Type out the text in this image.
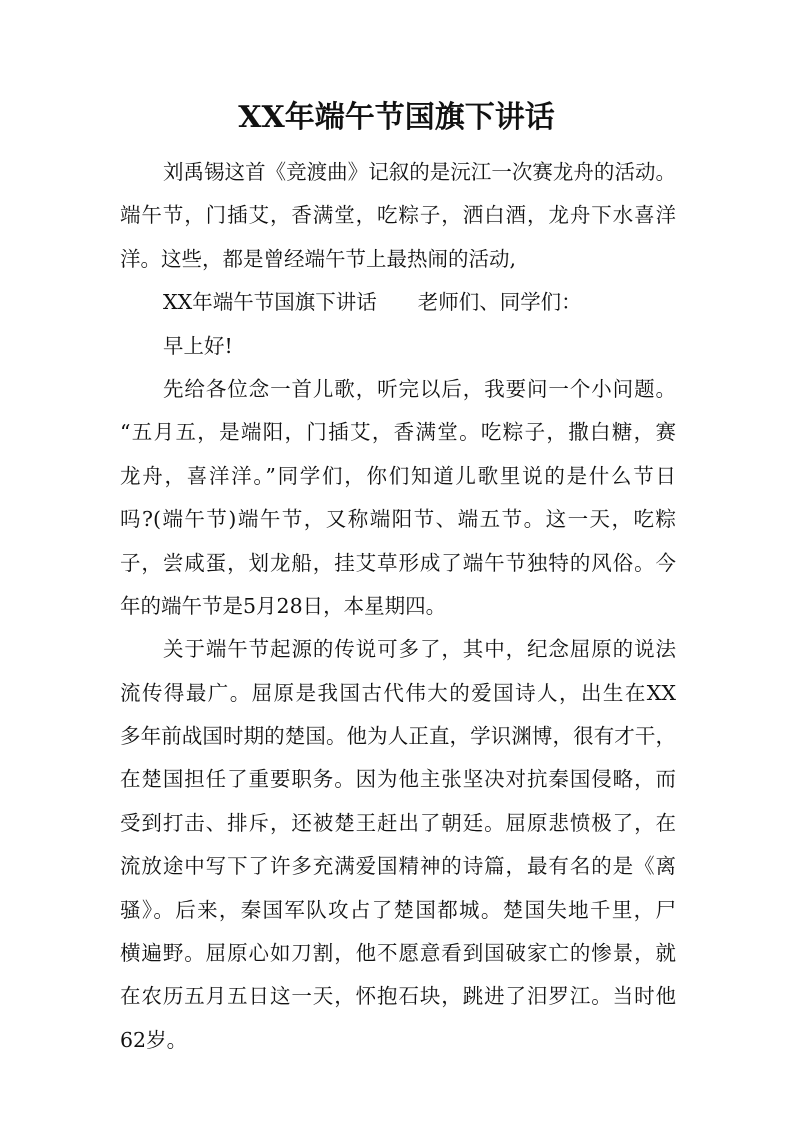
XX年端午节国旗下讲话
刘禹锡这首《竞渡曲》记叙的是沅江一次赛龙舟的活动。
端午节，门插艾，香满堂，吃粽子，洒白酒，龙舟下水喜洋
洋。这些，都是曾经端午节上最热闹的活动,
XX年端午节国旗下讲话　　老师们、同学们：
早上好!
先给各位念一首儿歌，听完以后，我要问一个小问题。
“五月五，是端阳，门插艾，香满堂。吃粽子，撒白糖，赛
龙舟，喜洋洋。”同学们，你们知道儿歌里说的是什么节日
吗?(端午节)端午节，又称端阳节、端五节。这一天，吃粽
子，尝咸蛋，划龙船，挂艾草形成了端午节独特的风俗。今
年的端午节是5月28日，本星期四。
关于端午节起源的传说可多了，其中，纪念屈原的说法
流传得最广。屈原是我国古代伟大的爱国诗人，出生在XX
多年前战国时期的楚国。他为人正直，学识渊博，很有才干，
在楚国担任了重要职务。因为他主张坚决对抗秦国侵略，而
受到打击、排斥，还被楚王赶出了朝廷。屈原悲愤极了，在
流放途中写下了许多充满爱国精神的诗篇，最有名的是《离
骚》。后来，秦国军队攻占了楚国都城。楚国失地千里，尸
横遍野。屈原心如刀割，他不愿意看到国破家亡的惨景，就
在农历五月五日这一天，怀抱石块，跳进了汨罗江。当时他
62岁。
